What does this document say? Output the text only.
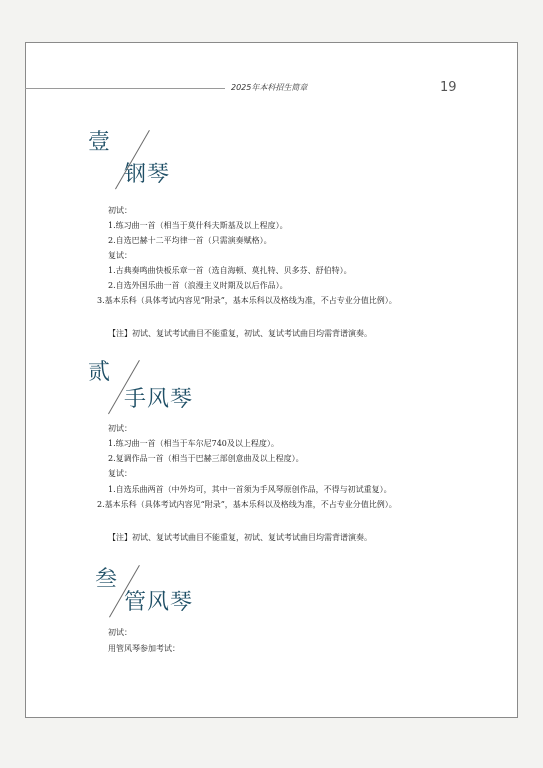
2025年本科招生简章	19
壹
钢琴
初试：
1.练习曲一首（相当于莫什科夫斯基及以上程度）。
2.自选巴赫十二平均律一首（只需演奏赋格）。
复试：
1.古典奏鸣曲快板乐章一首（选自海顿、莫扎特、贝多芬、舒伯特）。
2.自选外国乐曲一首（浪漫主义时期及以后作品）。
3.基本乐科（具体考试内容见“附录”，基本乐科以及格线为准，不占专业分值比例）。
【注】初试、复试考试曲目不能重复，初试、复试考试曲目均需背谱演奏。
贰
手风琴
初试：
1.练习曲一首（相当于车尔尼740及以上程度）。
2.复调作品一首（相当于巴赫三部创意曲及以上程度）。
复试：
1.自选乐曲两首（中外均可，其中一首须为手风琴原创作品，不得与初试重复）。
2.基本乐科（具体考试内容见“附录”，基本乐科以及格线为准，不占专业分值比例）。
【注】初试、复试考试曲目不能重复，初试、复试考试曲目均需背谱演奏。
叁
管风琴
初试：
用管风琴参加考试：
